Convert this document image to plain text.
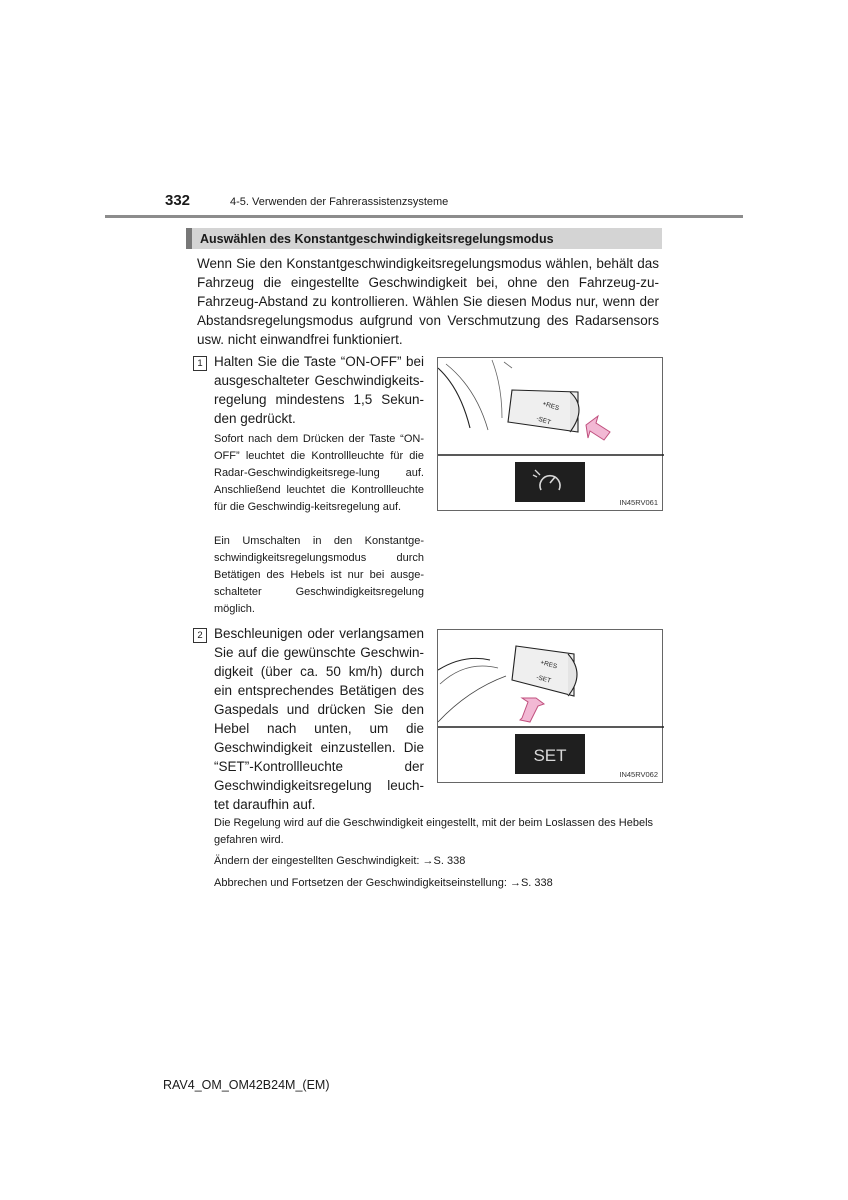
332	4-5. Verwenden der Fahrerassistenzsysteme
Auswählen des Konstantgeschwindigkeitsregelungsmodus
Wenn Sie den Konstantgeschwindigkeitsregelungsmodus wählen, behält das Fahrzeug die eingestellte Geschwindigkeit bei, ohne den Fahrzeug-zu-Fahrzeug-Abstand zu kontrollieren. Wählen Sie diesen Modus nur, wenn der Abstandsregelungsmodus aufgrund von Verschmutzung des Radarsensors usw. nicht einwandfrei funktioniert.
1 Halten Sie die Taste “ON-OFF” bei ausgeschalteter Geschwindigkeits-regelung mindestens 1,5 Sekun-den gedrückt.
Sofort nach dem Drücken der Taste “ON-OFF” leuchtet die Kontrollleuchte für die Radar-Geschwindigkeitsrege-lung auf. Anschließend leuchtet die Kontrollleuchte für die Geschwindig-keitsregelung auf.
Ein Umschalten in den Konstantge-schwindigkeitsregelungsmodus durch Betätigen des Hebels ist nur bei ausge-schalteter Geschwindigkeitsregelung möglich.
+RES
-SET
IN45RV061
2 Beschleunigen oder verlangsamen Sie auf die gewünschte Geschwin-digkeit (über ca. 50 km/h) durch ein entsprechendes Betätigen des Gaspedals und drücken Sie den Hebel nach unten, um die Geschwindigkeit einzustellen. Die “SET”-Kontrollleuchte der Geschwindigkeitsregelung leuch-tet daraufhin auf.
+RES
-SET
SET
IN45RV062
Die Regelung wird auf die Geschwindigkeit eingestellt, mit der beim Loslassen des Hebels gefahren wird.
Ändern der eingestellten Geschwindigkeit: →S. 338
Abbrechen und Fortsetzen der Geschwindigkeitseinstellung: →S. 338
RAV4_OM_OM42B24M_(EM)
